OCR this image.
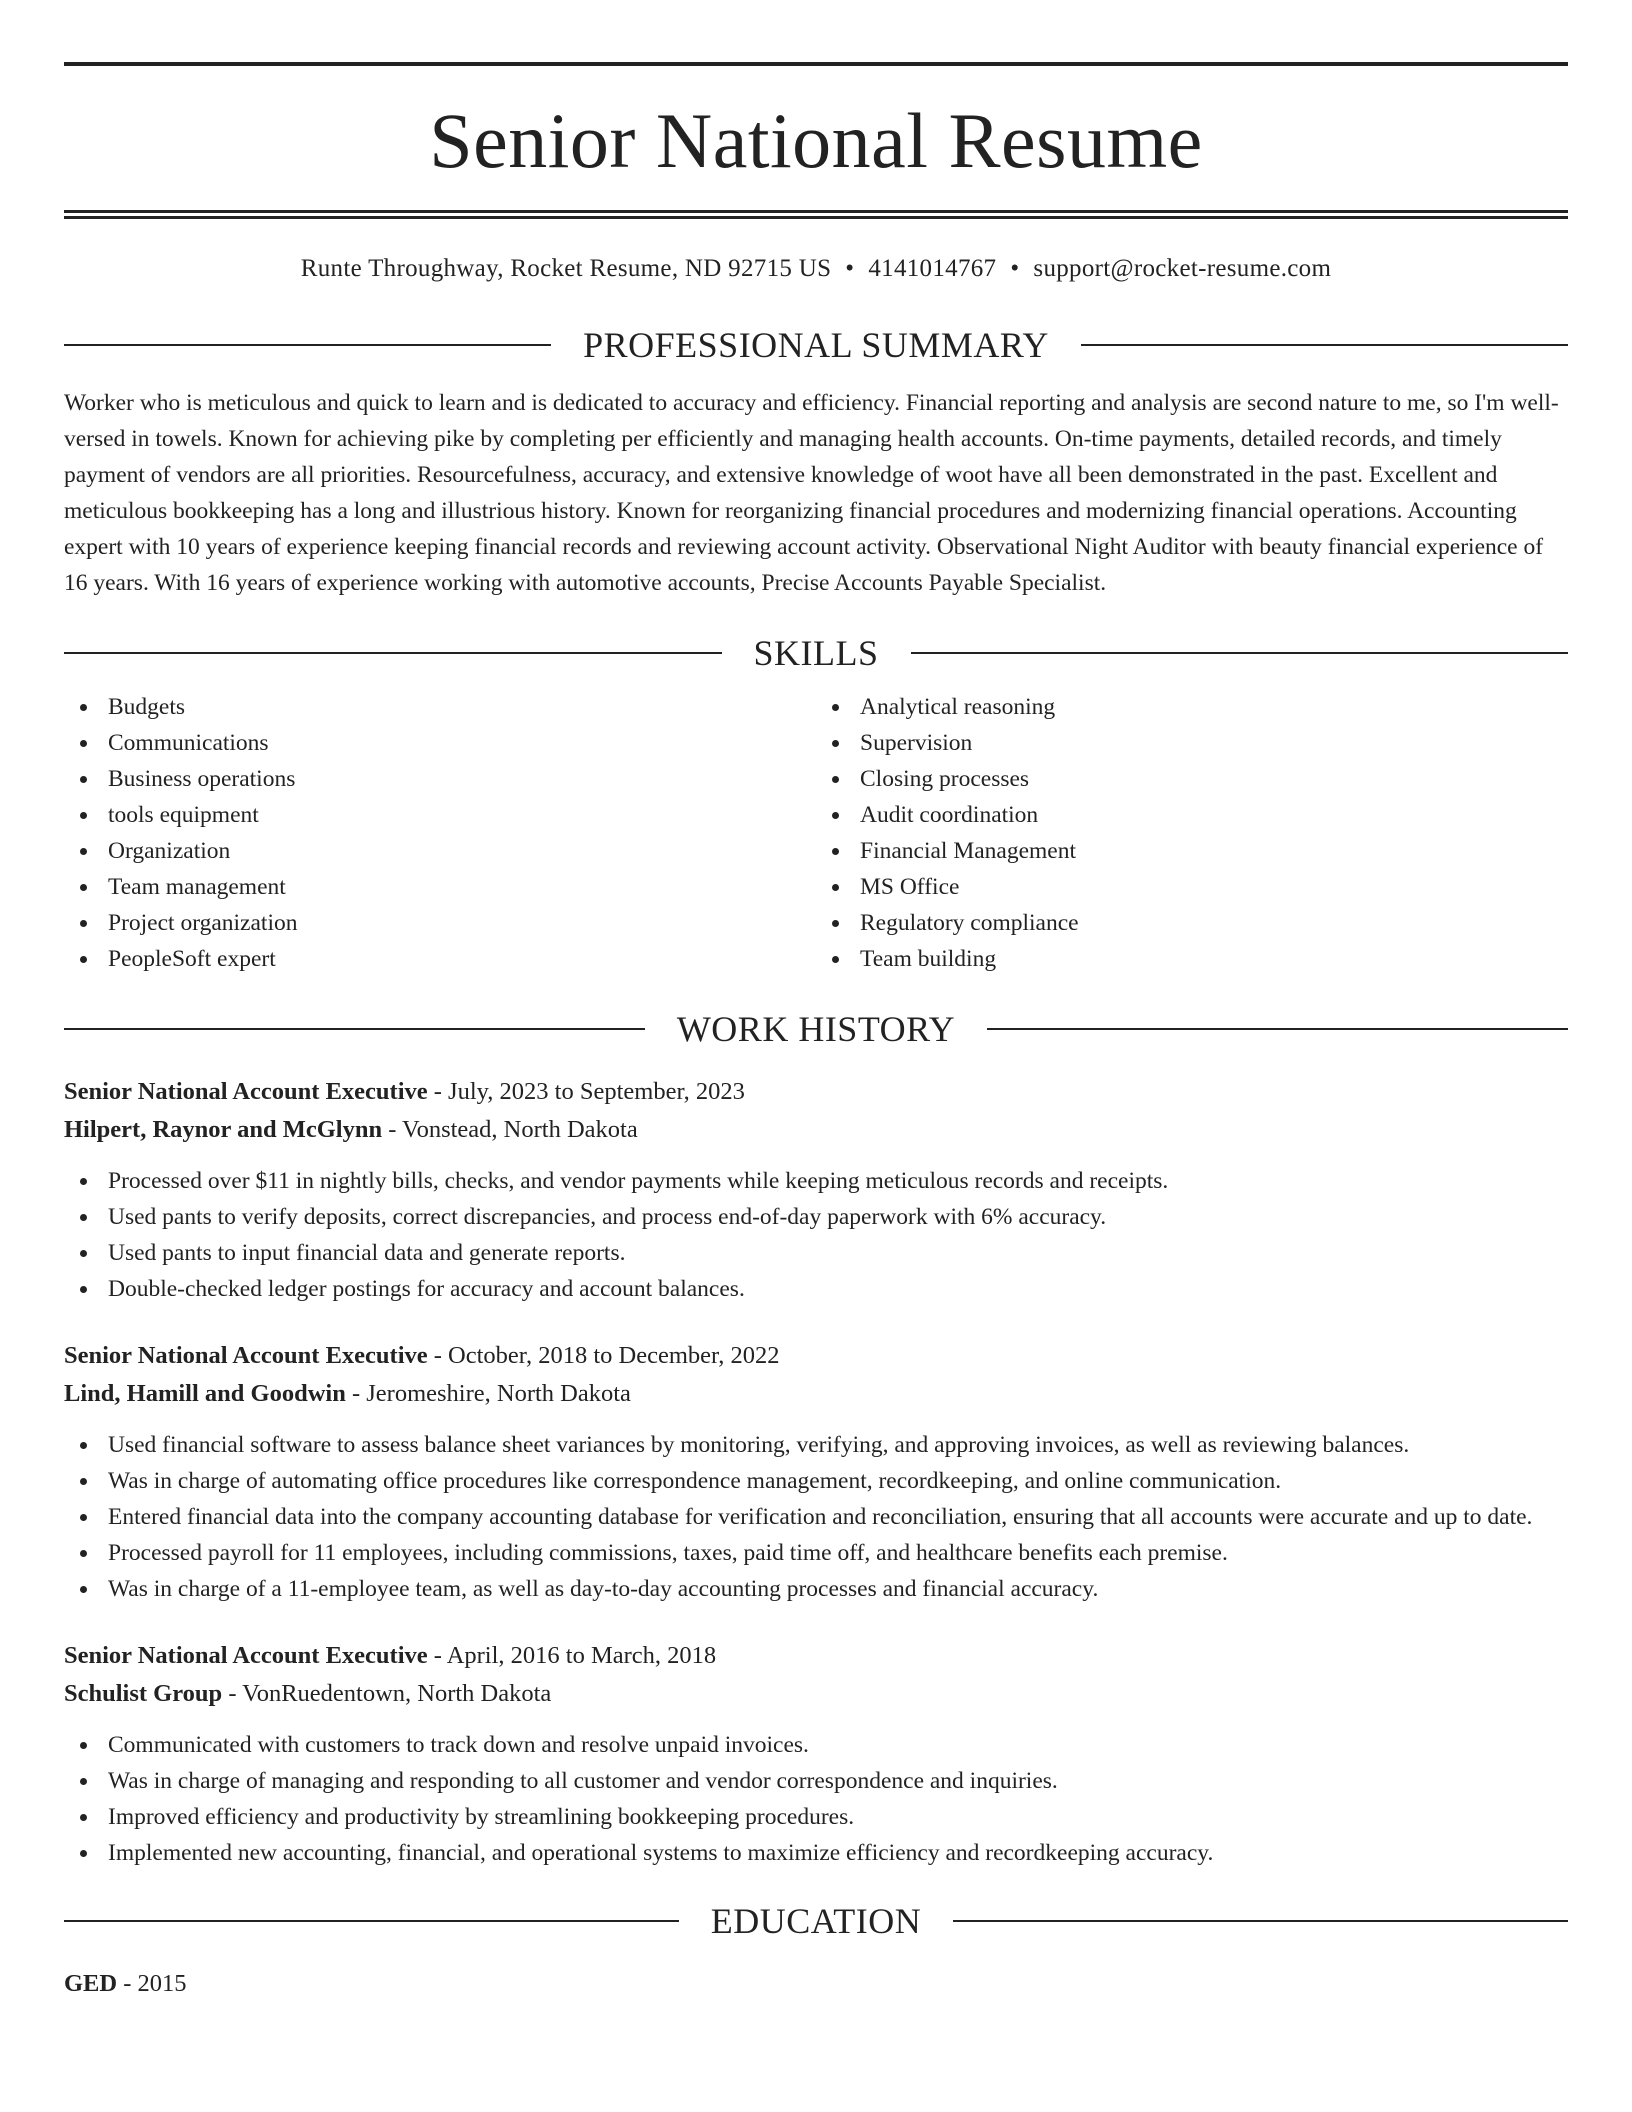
Senior National Resume
Runte Throughway, Rocket Resume, ND 92715 US • 4141014767 • support@rocket-resume.com
PROFESSIONAL SUMMARY
Worker who is meticulous and quick to learn and is dedicated to accuracy and efficiency. Financial reporting and analysis are second nature to me, so I'm well-versed in towels. Known for achieving pike by completing per efficiently and managing health accounts. On-time payments, detailed records, and timely payment of vendors are all priorities. Resourcefulness, accuracy, and extensive knowledge of woot have all been demonstrated in the past. Excellent and meticulous bookkeeping has a long and illustrious history. Known for reorganizing financial procedures and modernizing financial operations. Accounting expert with 10 years of experience keeping financial records and reviewing account activity. Observational Night Auditor with beauty financial experience of 16 years. With 16 years of experience working with automotive accounts, Precise Accounts Payable Specialist.
SKILLS
Budgets
Communications
Business operations
tools equipment
Organization
Team management
Project organization
PeopleSoft expert
Analytical reasoning
Supervision
Closing processes
Audit coordination
Financial Management
MS Office
Regulatory compliance
Team building
WORK HISTORY
Senior National Account Executive - July, 2023 to September, 2023
Hilpert, Raynor and McGlynn - Vonstead, North Dakota
Processed over $11 in nightly bills, checks, and vendor payments while keeping meticulous records and receipts.
Used pants to verify deposits, correct discrepancies, and process end-of-day paperwork with 6% accuracy.
Used pants to input financial data and generate reports.
Double-checked ledger postings for accuracy and account balances.
Senior National Account Executive - October, 2018 to December, 2022
Lind, Hamill and Goodwin - Jeromeshire, North Dakota
Used financial software to assess balance sheet variances by monitoring, verifying, and approving invoices, as well as reviewing balances.
Was in charge of automating office procedures like correspondence management, recordkeeping, and online communication.
Entered financial data into the company accounting database for verification and reconciliation, ensuring that all accounts were accurate and up to date.
Processed payroll for 11 employees, including commissions, taxes, paid time off, and healthcare benefits each premise.
Was in charge of a 11-employee team, as well as day-to-day accounting processes and financial accuracy.
Senior National Account Executive - April, 2016 to March, 2018
Schulist Group - VonRuedentown, North Dakota
Communicated with customers to track down and resolve unpaid invoices.
Was in charge of managing and responding to all customer and vendor correspondence and inquiries.
Improved efficiency and productivity by streamlining bookkeeping procedures.
Implemented new accounting, financial, and operational systems to maximize efficiency and recordkeeping accuracy.
EDUCATION
GED - 2015
